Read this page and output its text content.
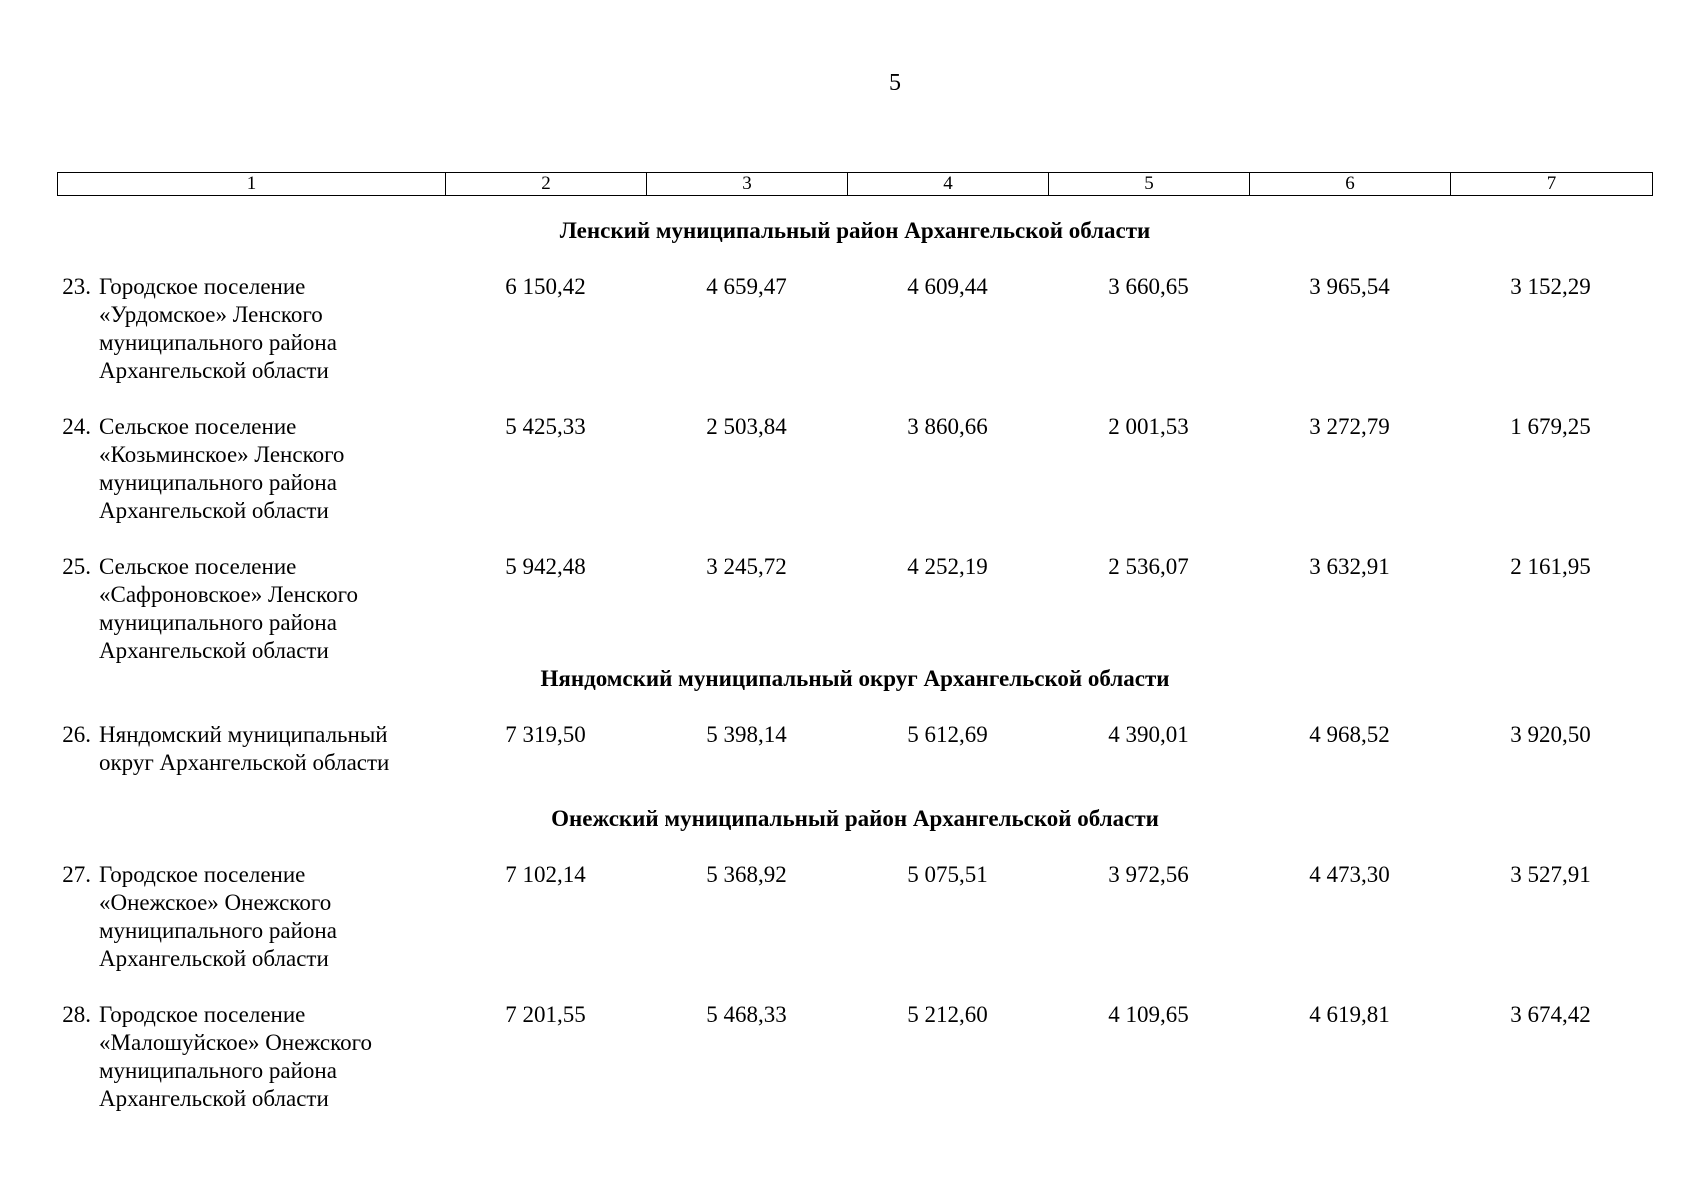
5
1	2	3	4	5	6	7
Ленский муниципальный район Архангельской области
23. Городское поселение
«Урдомское» Ленского
муниципального района
Архангельской области
6 150,42	4 659,47	4 609,44	3 660,65	3 965,54	3 152,29
24. Сельское поселение
«Козьминское» Ленского
муниципального района
Архангельской области
5 425,33	2 503,84	3 860,66	2 001,53	3 272,79	1 679,25
25. Сельское поселение
«Сафроновское» Ленского
муниципального района
Архангельской области
5 942,48	3 245,72	4 252,19	2 536,07	3 632,91	2 161,95
Няндомский муниципальный округ Архангельской области
26. Няндомский муниципальный
округ Архангельской области
7 319,50	5 398,14	5 612,69	4 390,01	4 968,52	3 920,50
Онежский муниципальный район Архангельской области
27. Городское поселение
«Онежское» Онежского
муниципального района
Архангельской области
7 102,14	5 368,92	5 075,51	3 972,56	4 473,30	3 527,91
28. Городское поселение
«Малошуйское» Онежского
муниципального района
Архангельской области
7 201,55	5 468,33	5 212,60	4 109,65	4 619,81	3 674,42
